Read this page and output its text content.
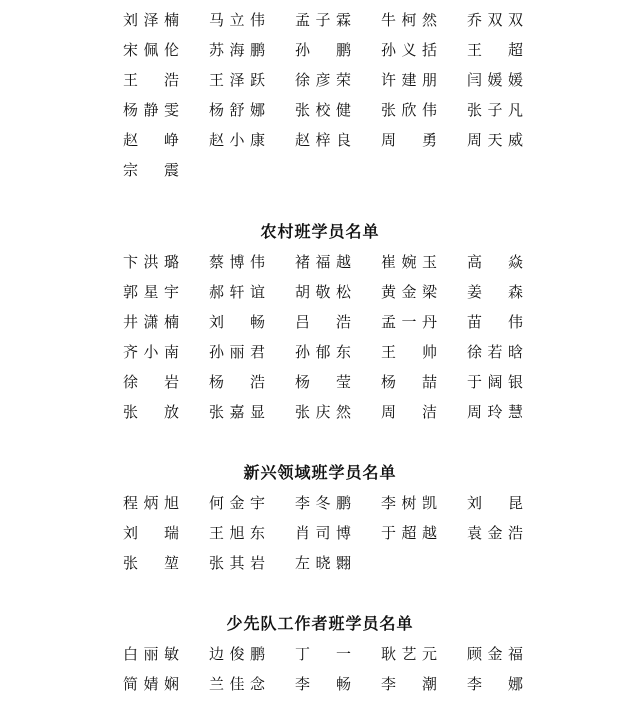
刘泽楠 马立伟 孟子霖 牛柯然 乔双双
宋佩伦 苏海鹏 孙　鹏 孙义括 王　超
王　浩 王泽跃 徐彦荣 许建朋 闫媛媛
杨静雯 杨舒娜 张校健 张欣伟 张子凡
赵　峥 赵小康 赵梓良 周　勇 周天威
宗　震
农村班学员名单
卞洪璐 蔡博伟 褚福越 崔婉玉 高　焱
郭星宇 郝轩谊 胡敬松 黄金梁 姜　森
井潇楠 刘　畅 吕　浩 孟一丹 苗　伟
齐小南 孙丽君 孙郁东 王　帅 徐若晗
徐　岩 杨　浩 杨　莹 杨　喆 于阔银
张　放 张嘉显 张庆然 周　洁 周玲慧
新兴领域班学员名单
程炳旭 何金宇 李冬鹏 李树凯 刘　昆
刘　瑞 王旭东 肖司博 于超越 袁金浩
张　堃 张其岩 左晓翾
少先队工作者班学员名单
白丽敏 边俊鹏 丁　一 耿艺元 顾金福
简婧娴 兰佳念 李　畅 李　潮 李　娜
